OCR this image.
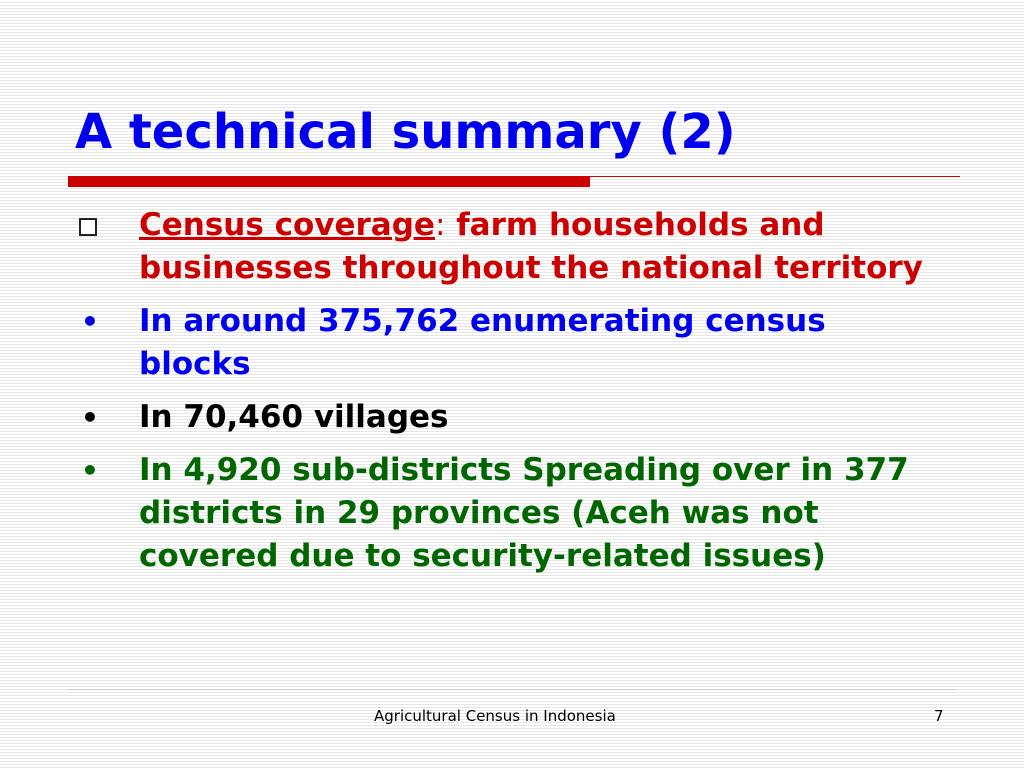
A technical summary (2)
Census coverage: farm households and businesses throughout the national territory
• In around 375,762 enumerating census blocks
• In 70,460 villages
• In 4,920 sub-districts Spreading over in 377 districts in 29 provinces (Aceh was not covered due to security-related issues)
Agricultural Census in Indonesia	7
